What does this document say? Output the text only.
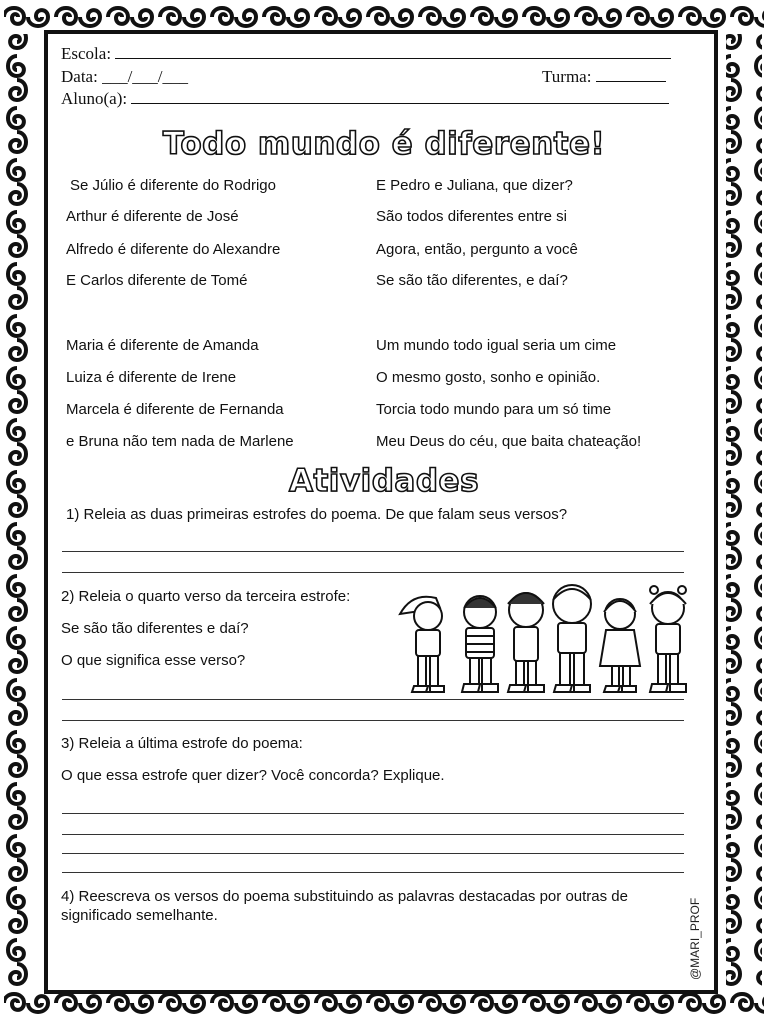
Escola:
Data: ___/___/___	Turma:
Aluno(a):
Todo mundo é diferente!
Se Júlio é diferente do Rodrigo
Arthur é diferente de José
Alfredo é diferente do Alexandre
E Carlos diferente de Tomé
Maria é diferente de Amanda
Luiza é diferente de Irene
Marcela é diferente de Fernanda
e Bruna não tem nada de Marlene
E Pedro e Juliana, que dizer?
São todos diferentes entre si
Agora, então, pergunto a você
Se são tão diferentes, e daí?
Um mundo todo igual seria um cime
O mesmo gosto, sonho e opinião.
Torcia todo mundo para um só time
Meu Deus do céu, que baita chateação!
Atividades
1) Releia as duas primeiras estrofes do poema. De que falam seus versos?
2) Releia o quarto verso da terceira estrofe:
Se são tão diferentes e daí?
O que significa esse verso?
3) Releia a última estrofe do poema:
O que essa estrofe quer dizer? Você concorda? Explique.
4) Reescreva os versos do poema substituindo as palavras destacadas por outras de significado semelhante.	@MARI_PROF
